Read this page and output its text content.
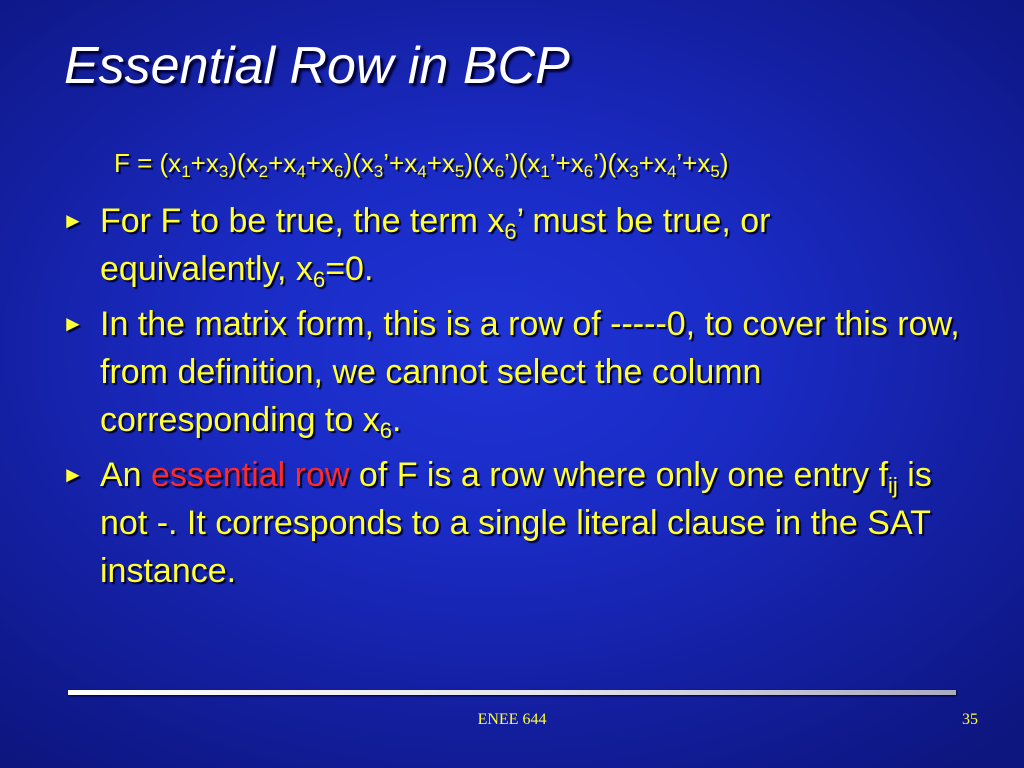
Essential Row in BCP
$F = (x_1+x_3)(x_2+x_4+x_6)(x_3’+x_4+x_5)(x_6’)(x_1’+x_6’)(x_3+x_4’+x_5)$
► For F to be true, the term $x_6$’ must be true, or equivalently, $x_6=0$.
► In the matrix form, this is a row of -----0, to cover this row, from definition, we cannot select the column corresponding to $x_6$.
► An essential row of F is a row where only one entry $f_{ij}$ is not -. It corresponds to a single literal clause in the SAT instance.
ENEE 644	35
